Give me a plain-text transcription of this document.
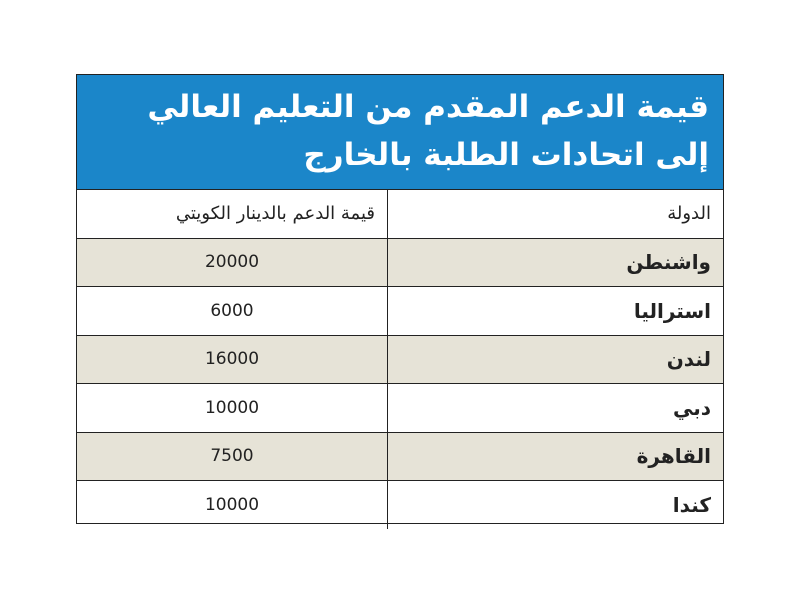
قيمة الدعم المقدم من التعليم العالي
إلى اتحادات الطلبة بالخارج
الدولة	قيمة الدعم بالدينار الكويتي
واشنطن	20000
استراليا	6000
لندن	16000
دبي	10000
القاهرة	7500
كندا	10000
